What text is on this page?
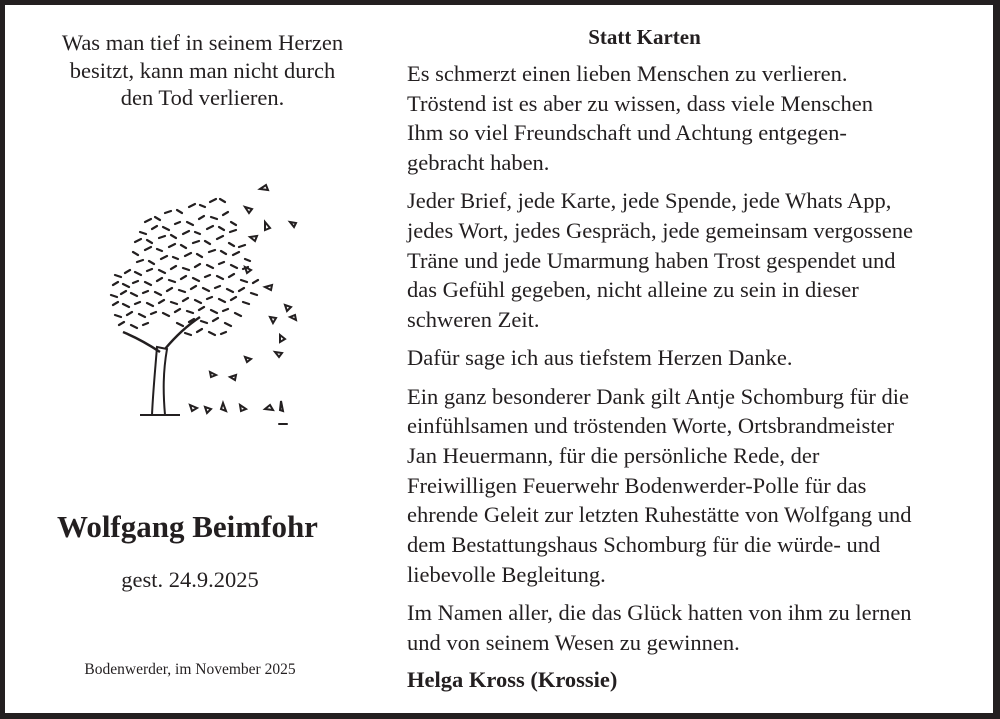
Was man tief in seinem Herzen
besitzt, kann man nicht durch
den Tod verlieren.
Wolfgang Beimfohr
gest. 24.9.2025
Bodenwerder, im November 2025
Statt Karten
Es schmerzt einen lieben Menschen zu verlieren.
Tröstend ist es aber zu wissen, dass viele Menschen
Ihm so viel Freundschaft und Achtung entgegen-
gebracht haben.
Jeder Brief, jede Karte, jede Spende, jede Whats App,
jedes Wort, jedes Gespräch, jede gemeinsam vergossene
Träne und jede Umarmung haben Trost gespendet und
das Gefühl gegeben, nicht alleine zu sein in dieser
schweren Zeit.
Dafür sage ich aus tiefstem Herzen Danke.
Ein ganz besonderer Dank gilt Antje Schomburg für die
einfühlsamen und tröstenden Worte, Ortsbrandmeister
Jan Heuermann, für die persönliche Rede, der
Freiwilligen Feuerwehr Bodenwerder-Polle für das
ehrende Geleit zur letzten Ruhestätte von Wolfgang und
dem Bestattungshaus Schomburg für die würde- und
liebevolle Begleitung.
Im Namen aller, die das Glück hatten von ihm zu lernen
und von seinem Wesen zu gewinnen.
Helga Kross (Krossie)
